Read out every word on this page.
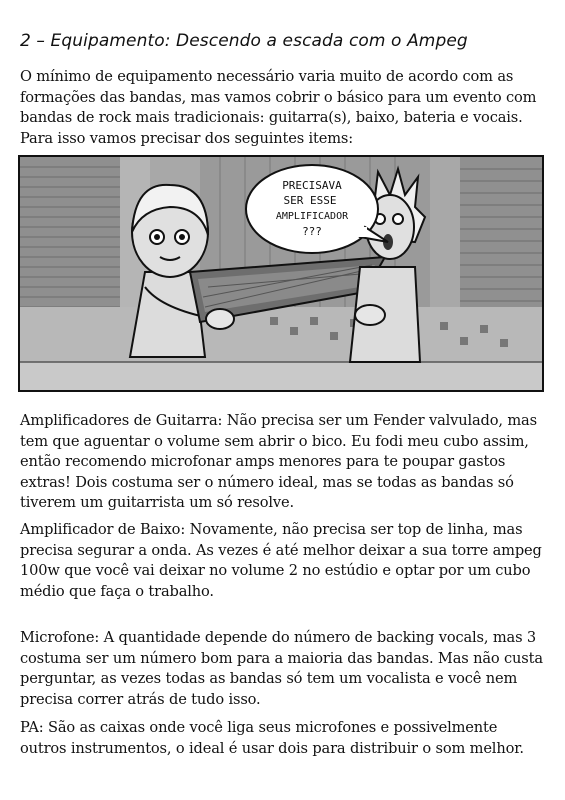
2 – Equipamento: Descendo a escada com o Ampeg

O mínimo de equipamento necessário varia muito de acordo com as formações das bandas, mas vamos cobrir o básico para um evento com bandas de rock mais tradicionais: guitarra(s), baixo, bateria e vocais. Para isso vamos precisar dos seguintes items:

PRECISAVA
SER ESSE
AMPLIFICADOR
???

Amplificadores de Guitarra: Não precisa ser um Fender valvulado, mas tem que aguentar o volume sem abrir o bico. Eu fodi meu cubo assim, então recomendo microfonar amps menores para te poupar gastos extras! Dois costuma ser o número ideal, mas se todas as bandas só tiverem um guitarrista um só resolve.

Amplificador de Baixo: Novamente, não precisa ser top de linha, mas precisa segurar a onda. As vezes é até melhor deixar a sua torre ampeg 100w que você vai deixar no volume 2 no estúdio e optar por um cubo médio que faça o trabalho.

Microfone: A quantidade depende do número de backing vocals, mas 3 costuma ser um número bom para a maioria das bandas. Mas não custa perguntar, as vezes todas as bandas só tem um vocalista e você nem precisa correr atrás de tudo isso.

PA: São as caixas onde você liga seus microfones e possivelmente outros instrumentos, o ideal é usar dois para distribuir o som melhor.
